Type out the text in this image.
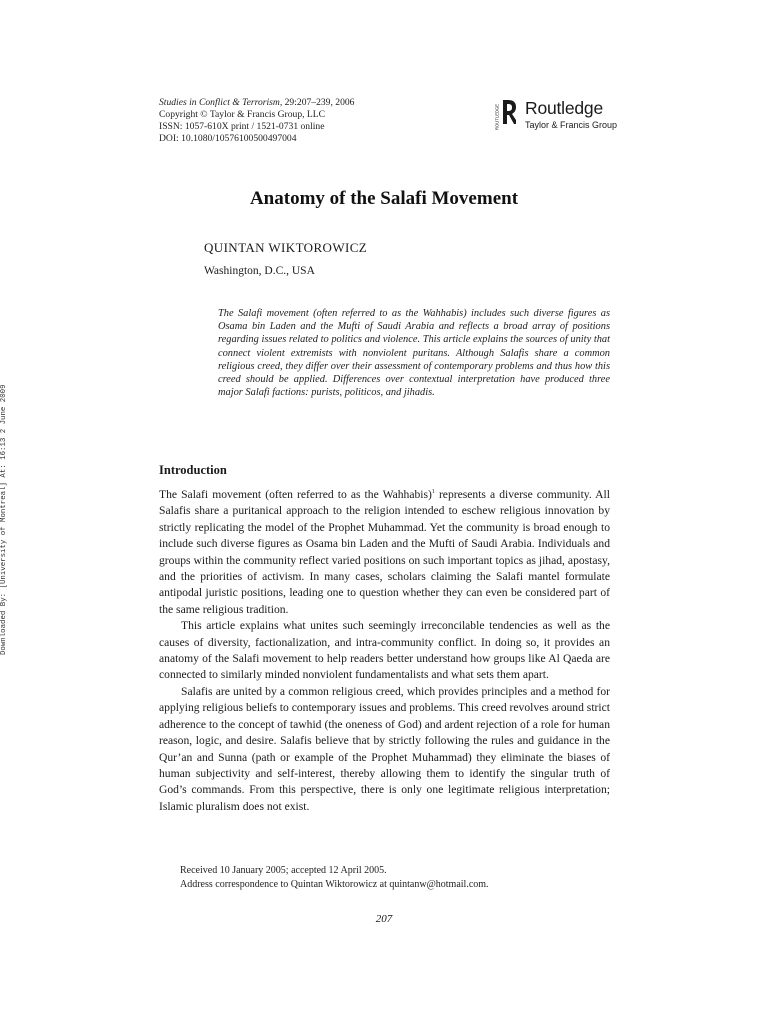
Downloaded By: [University of Montreal] At: 16:13 2 June 2009
Studies in Conflict & Terrorism, 29:207–239, 2006
Copyright © Taylor & Francis Group, LLC
ISSN: 1057-610X print / 1521-0731 online
DOI: 10.1080/10576100500497004
ROUTLEDGE Routledge
Taylor & Francis Group
Anatomy of the Salafi Movement
QUINTAN WIKTOROWICZ
Washington, D.C., USA
The Salafi movement (often referred to as the Wahhabis) includes such diverse figures as Osama bin Laden and the Mufti of Saudi Arabia and reflects a broad array of positions regarding issues related to politics and violence. This article explains the sources of unity that connect violent extremists with nonviolent puritans. Although Salafis share a common religious creed, they differ over their assessment of contemporary problems and thus how this creed should be applied. Differences over contextual interpretation have produced three major Salafi factions: purists, politicos, and jihadis.
Introduction

The Salafi movement (often referred to as the Wahhabis)$^1$ represents a diverse community. All Salafis share a puritanical approach to the religion intended to eschew religious innovation by strictly replicating the model of the Prophet Muhammad. Yet the community is broad enough to include such diverse figures as Osama bin Laden and the Mufti of Saudi Arabia. Individuals and groups within the community reflect varied positions on such important topics as jihad, apostasy, and the priorities of activism. In many cases, scholars claiming the Salafi mantel formulate antipodal juristic positions, leading one to question whether they can even be considered part of the same religious tradition.

This article explains what unites such seemingly irreconcilable tendencies as well as the causes of diversity, factionalization, and intra-community conflict. In doing so, it provides an anatomy of the Salafi movement to help readers better understand how groups like Al Qaeda are connected to similarly minded nonviolent fundamentalists and what sets them apart.

Salafis are united by a common religious creed, which provides principles and a method for applying religious beliefs to contemporary issues and problems. This creed revolves around strict adherence to the concept of tawhid (the oneness of God) and ardent rejection of a role for human reason, logic, and desire. Salafis believe that by strictly following the rules and guidance in the Qur’an and Sunna (path or example of the Prophet Muhammad) they eliminate the biases of human subjectivity and self-interest, thereby allowing them to identify the singular truth of God’s commands. From this perspective, there is only one legitimate religious interpretation; Islamic pluralism does not exist.

Received 10 January 2005; accepted 12 April 2005.
Address correspondence to Quintan Wiktorowicz at quintanw@hotmail.com.
207
